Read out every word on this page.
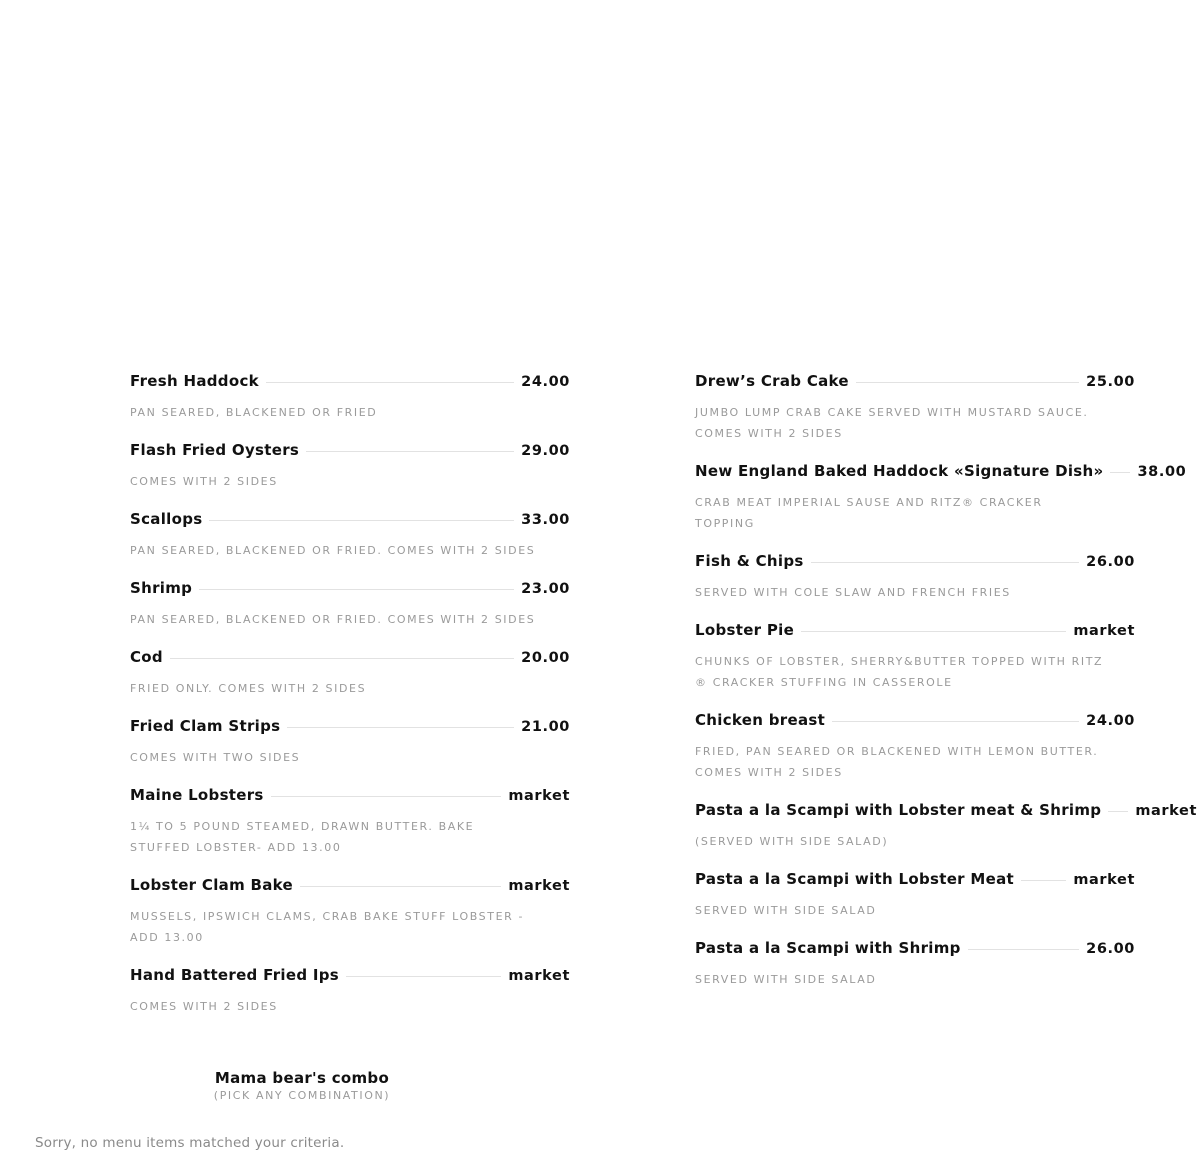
Fresh Haddock	24.00
PAN SEARED, BLACKENED OR FRIED
Flash Fried Oysters	29.00
COMES WITH 2 SIDES
Scallops	33.00
PAN SEARED, BLACKENED OR FRIED. COMES WITH 2 SIDES
Shrimp	23.00
PAN SEARED, BLACKENED OR FRIED. COMES WITH 2 SIDES
Cod	20.00
FRIED ONLY. COMES WITH 2 SIDES
Fried Clam Strips	21.00
COMES WITH TWO SIDES
Maine Lobsters	market
1¼ TO 5 POUND STEAMED, DRAWN BUTTER. BAKE STUFFED LOBSTER- ADD 13.00
Lobster Clam Bake	market
MUSSELS, IPSWICH CLAMS, CRAB BAKE STUFF LOBSTER - ADD 13.00
Hand Battered Fried Ips	market
COMES WITH 2 SIDES
Drew’s Crab Cake	25.00
JUMBO LUMP CRAB CAKE SERVED WITH MUSTARD SAUCE. COMES WITH 2 SIDES
New England Baked Haddock «Signature Dish» 38.00
CRAB MEAT IMPERIAL SAUSE AND RITZ® CRACKER TOPPING
Fish & Chips	26.00
SERVED WITH COLE SLAW AND FRENCH FRIES
Lobster Pie	market
CHUNKS OF LOBSTER, SHERRY&BUTTER TOPPED WITH RITZ ® CRACKER STUFFING IN CASSEROLE
Chicken breast	24.00
FRIED, PAN SEARED OR BLACKENED WITH LEMON BUTTER. COMES WITH 2 SIDES
Pasta a la Scampi with Lobster meat & Shrimp market
(SERVED WITH SIDE SALAD)
Pasta a la Scampi with Lobster Meat	market
SERVED WITH SIDE SALAD
Pasta a la Scampi with Shrimp	26.00
SERVED WITH SIDE SALAD
Mama bear's combo
(PICK ANY COMBINATION)
Sorry, no menu items matched your criteria.
